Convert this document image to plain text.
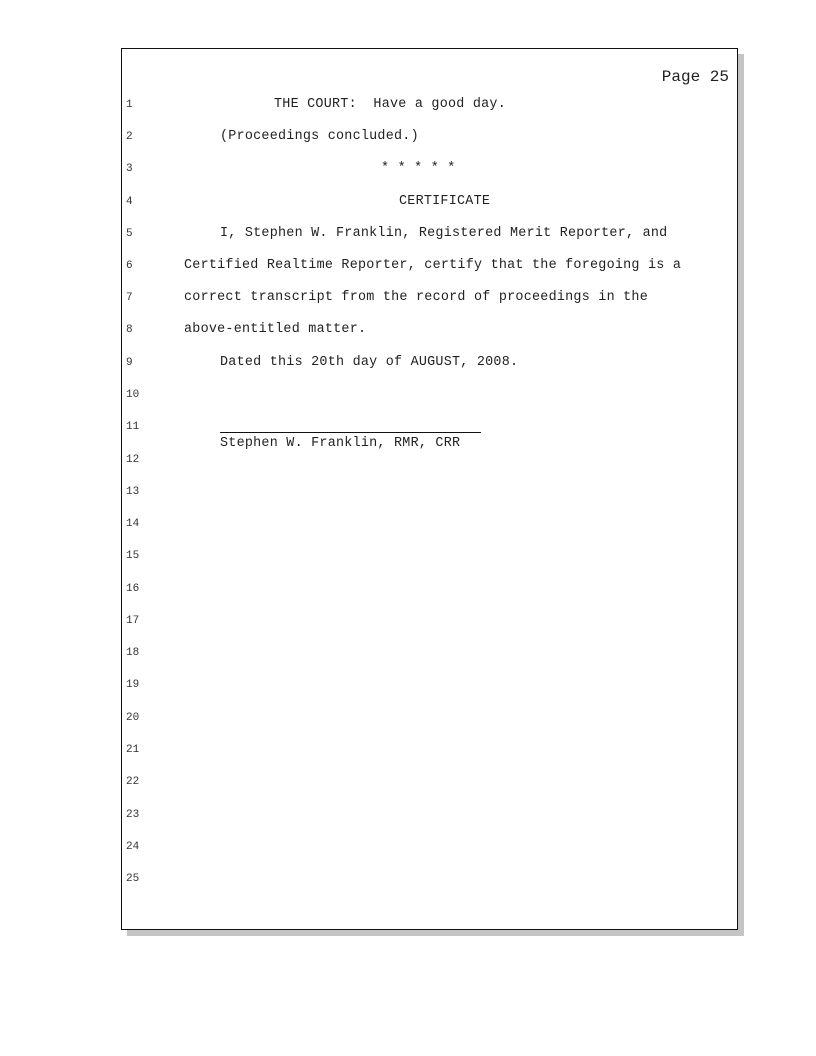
Page 25
1
2
3
4
5
6
7
8
9
10
11
12
13
14
15
16
17
18
19
20
21
22
23
24
25
THE COURT:  Have a good day.
(Proceedings concluded.)
* * * * *
CERTIFICATE
I, Stephen W. Franklin, Registered Merit Reporter, and
Certified Realtime Reporter, certify that the foregoing is a
correct transcript from the record of proceedings in the
above-entitled matter.
Dated this 20th day of AUGUST, 2008.
Stephen W. Franklin, RMR, CRR
